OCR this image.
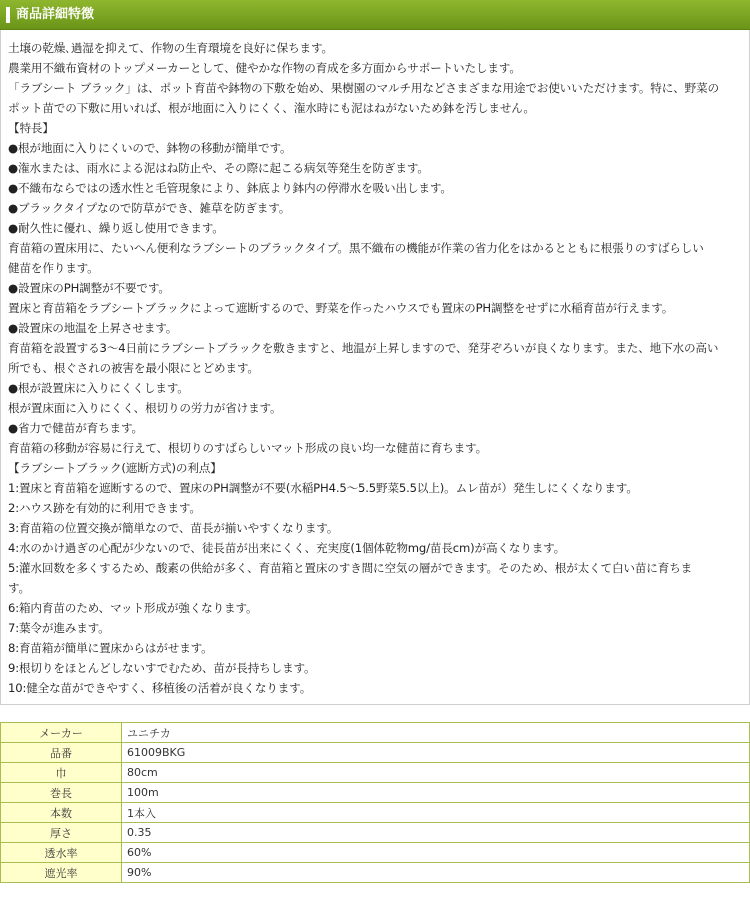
商品詳細特徴
土壌の乾燥､過湿を抑えて、作物の生育環境を良好に保ちます。
農業用不織布資材のトップメーカーとして、健やかな作物の育成を多方面からサポートいたします。
「ラブシート ブラック」は、ポット育苗や鉢物の下敷を始め、果樹園のマルチ用などさまざまな用途でお使いいただけます。特に、野菜の
ポット苗での下敷に用いれば、根が地面に入りにくく、潅水時にも泥はねがないため鉢を汚しません。
【特長】
●根が地面に入りにくいので、鉢物の移動が簡単です。
●潅水または、雨水による泥はね防止や、その際に起こる病気等発生を防ぎます。
●不織布ならではの透水性と毛管現象により、鉢底より鉢内の停滞水を吸い出します。
●ブラックタイプなので防草ができ、雑草を防ぎます。
●耐久性に優れ、繰り返し使用できます。
育苗箱の置床用に、たいへん便利なラブシートのブラックタイプ。黒不織布の機能が作業の省力化をはかるとともに根張りのすばらしい
健苗を作ります。
●設置床のPH調整が不要です。
置床と育苗箱をラブシートブラックによって遮断するので、野菜を作ったハウスでも置床のPH調整をせずに水稲育苗が行えます。
●設置床の地温を上昇させます。
育苗箱を設置する3〜4日前にラブシートブラックを敷きますと、地温が上昇しますので、発芽ぞろいが良くなります。また、地下水の高い
所でも、根ぐされの被害を最小限にとどめます。
●根が設置床に入りにくくします。
根が置床面に入りにくく、根切りの労力が省けます。
●省力で健苗が育ちます。
育苗箱の移動が容易に行えて、根切りのすばらしいマット形成の良い均一な健苗に育ちます。
【ラブシートブラック(遮断方式)の利点】
1:置床と育苗箱を遮断するので、置床のPH調整が不要(水稲PH4.5〜5.5野菜5.5以上)。ムレ苗が）発生しにくくなります。
2:ハウス跡を有効的に利用できます。
3:育苗箱の位置交換が簡単なので、苗長が揃いやすくなります。
4:水のかけ過ぎの心配が少ないので、徒長苗が出来にくく、充実度(1個体乾物mg/苗長cm)が高くなります。
5:灌水回数を多くするため、酸素の供給が多く、育苗箱と置床のすき間に空気の層ができます。そのため、根が太くて白い苗に育ちま
す。
6:箱内育苗のため、マット形成が強くなります。
7:葉令が進みます。
8:育苗箱が簡単に置床からはがせます。
9:根切りをほとんどしないすでむため、苗が長持ちします。
10:健全な苗ができやすく、移植後の活着が良くなります。
メーカー	ユニチカ
品番	61009BKG
巾	80cm
巻長	100m
本数	1本入
厚さ	0.35
透水率	60%
遮光率	90%
